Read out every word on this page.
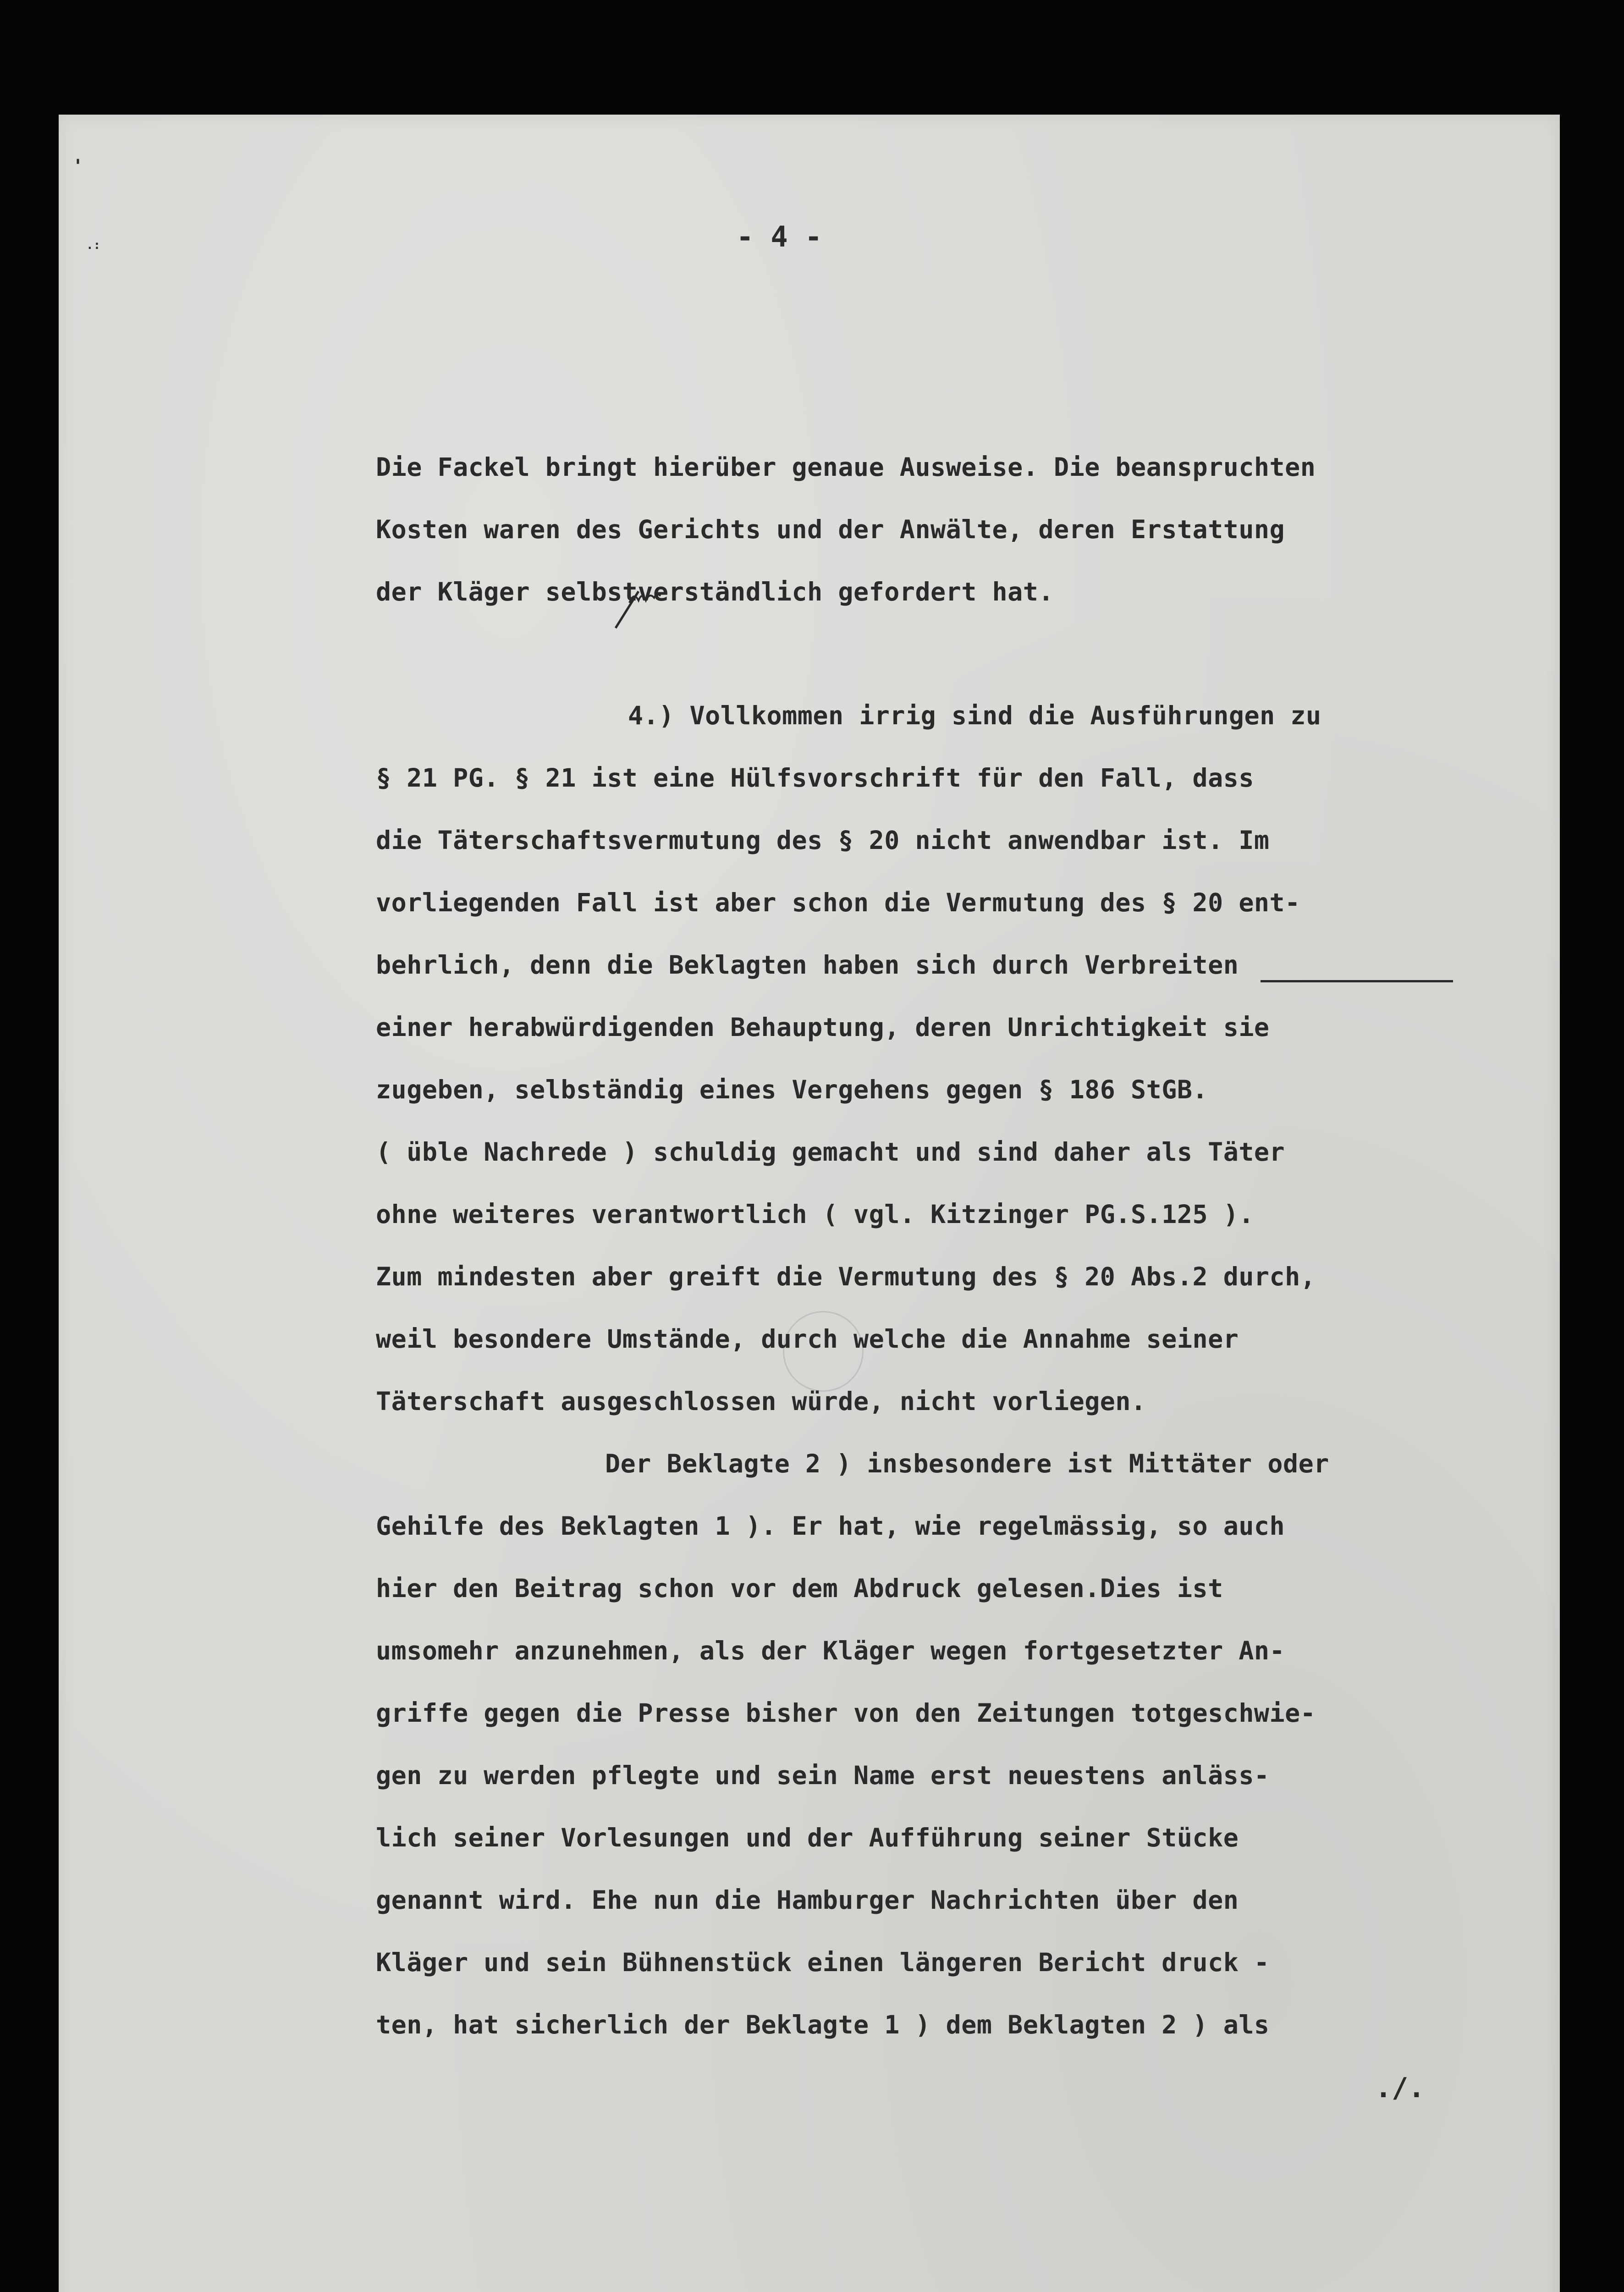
'
.:	- 4 -
Die Fackel bringt hierüber genaue Ausweise. Die beanspruchten
Kosten waren des Gerichts und der Anwälte, deren Erstattung
der Kläger selbstverständlich gefordert hat.
4.) Vollkommen irrig sind die Ausführungen zu
§ 21 PG. § 21 ist eine Hülfsvorschrift für den Fall, dass
die Täterschaftsvermutung des § 20 nicht anwendbar ist. Im
vorliegenden Fall ist aber schon die Vermutung des § 20 ent-
behrlich, denn die Beklagten haben sich durch Verbreiten
einer herabwürdigenden Behauptung, deren Unrichtigkeit sie
zugeben, selbständig eines Vergehens gegen § 186 StGB.
( üble Nachrede ) schuldig gemacht und sind daher als Täter
ohne weiteres verantwortlich ( vgl. Kitzinger PG.S.125 ).
Zum mindesten aber greift die Vermutung des § 20 Abs.2 durch,
weil besondere Umstände, durch welche die Annahme seiner
Täterschaft ausgeschlossen würde, nicht vorliegen.
Der Beklagte 2 ) insbesondere ist Mittäter oder
Gehilfe des Beklagten 1 ). Er hat, wie regelmässig, so auch
hier den Beitrag schon vor dem Abdruck gelesen.Dies ist
umsomehr anzunehmen, als der Kläger wegen fortgesetzter An-
griffe gegen die Presse bisher von den Zeitungen totgeschwie-
gen zu werden pflegte und sein Name erst neuestens anläss-
lich seiner Vorlesungen und der Aufführung seiner Stücke
genannt wird. Ehe nun die Hamburger Nachrichten über den
Kläger und sein Bühnenstück einen längeren Bericht druck -
ten, hat sicherlich der Beklagte 1 ) dem Beklagten 2 ) als
./.
